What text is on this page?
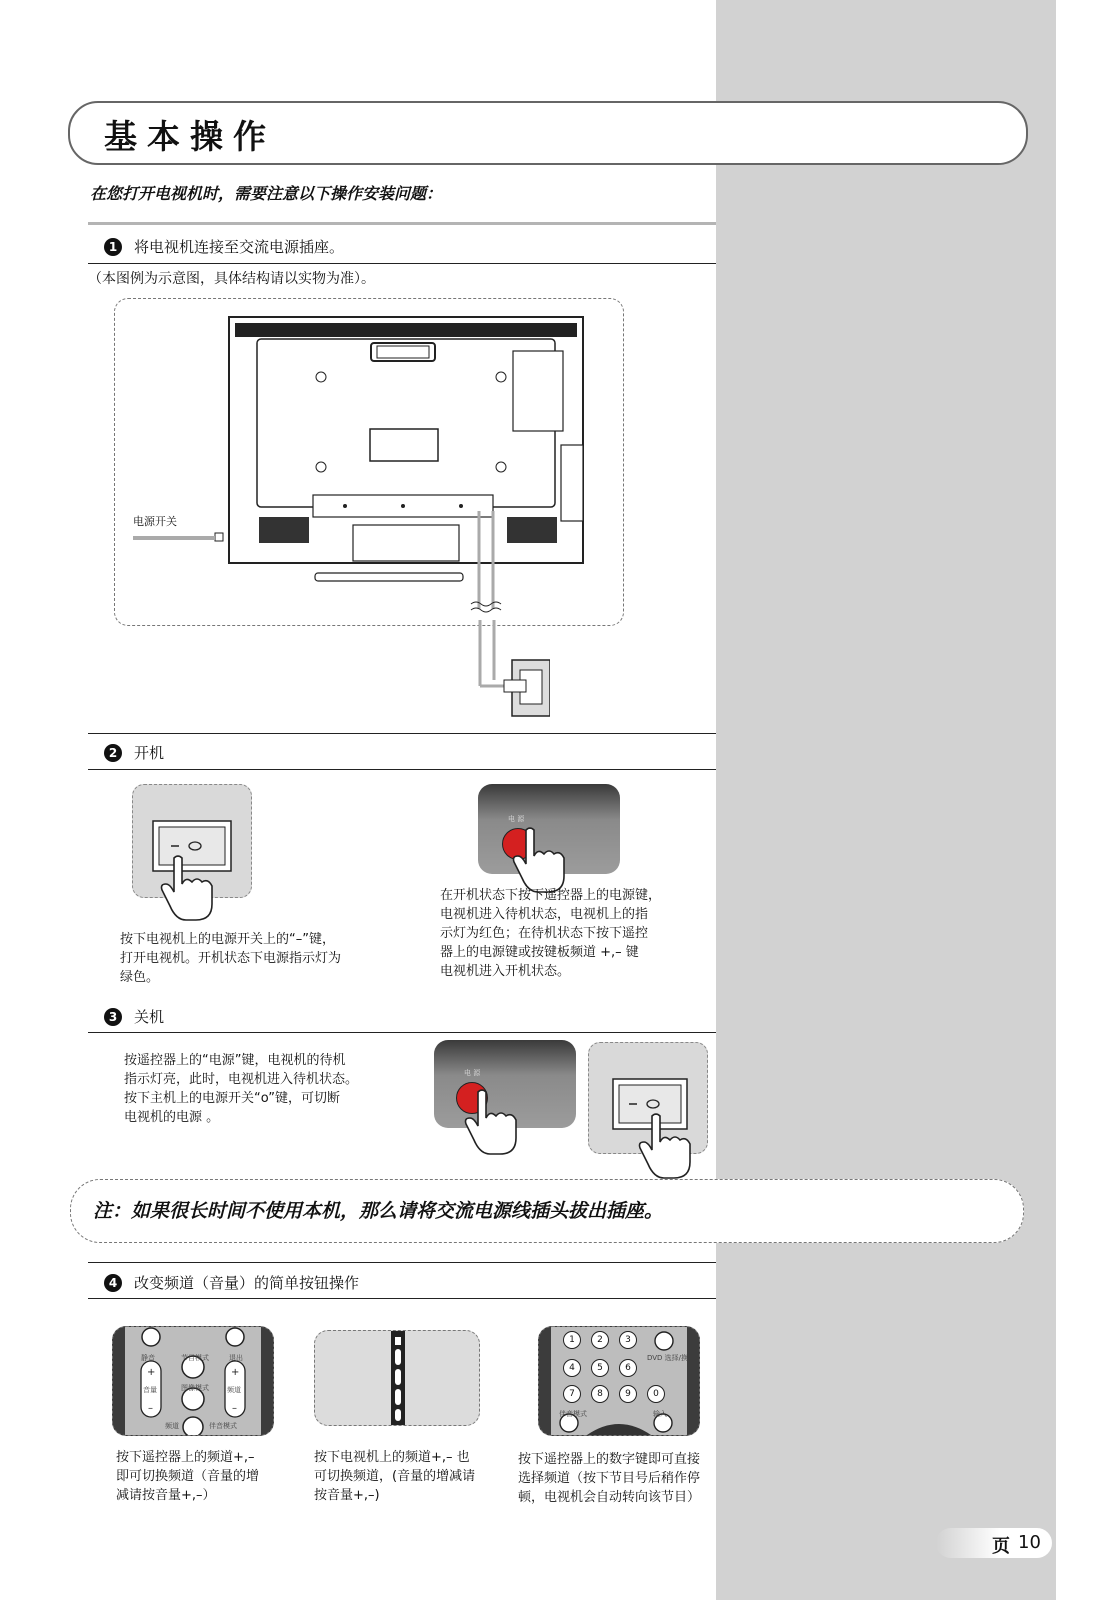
基本操作
在您打开电视机时，需要注意以下操作安装问题：
1	将电视机连接至交流电源插座。
（本图例为示意图，具体结构请以实物为准）。
电源开关
2	开机
按下电视机上的电源开关上的“–”键，
打开电视机。开机状态下电源指示灯为
绿色。
电 源
在开机状态下按下遥控器上的电源键，
电视机进入待机状态，电视机上的指
示灯为红色；在待机状态下按下遥控
器上的电源键或按键板频道 +,– 键
电视机进入开机状态。
3	关机
按遥控器上的“电源”键，电视机的待机
指示灯亮，此时，电视机进入待机状态。
按下主机上的电源开关“o”键，可切断
电视机的电源 。
电 源
注：如果很长时间不使用本机，那么请将交流电源线插头拔出插座。
4	改变频道（音量）的简单按钮操作
+
–
+
–
静音	节目模式	退出
音量	图像模式	频道
频道	伴音模式
按下遥控器上的频道+,–
即可切换频道（音量的增
减请按音量+,–）
按下电视机上的频道+,– 也
可切换频道，(音量的增减请
按音量+,–)
1	2	3
4	5	6
7	8	9	0
DVD 选择/换
伴音模式	输入
按下遥控器上的数字键即可直接
选择频道（按下节目号后稍作停
顿，电视机会自动转向该节目）
页 10
